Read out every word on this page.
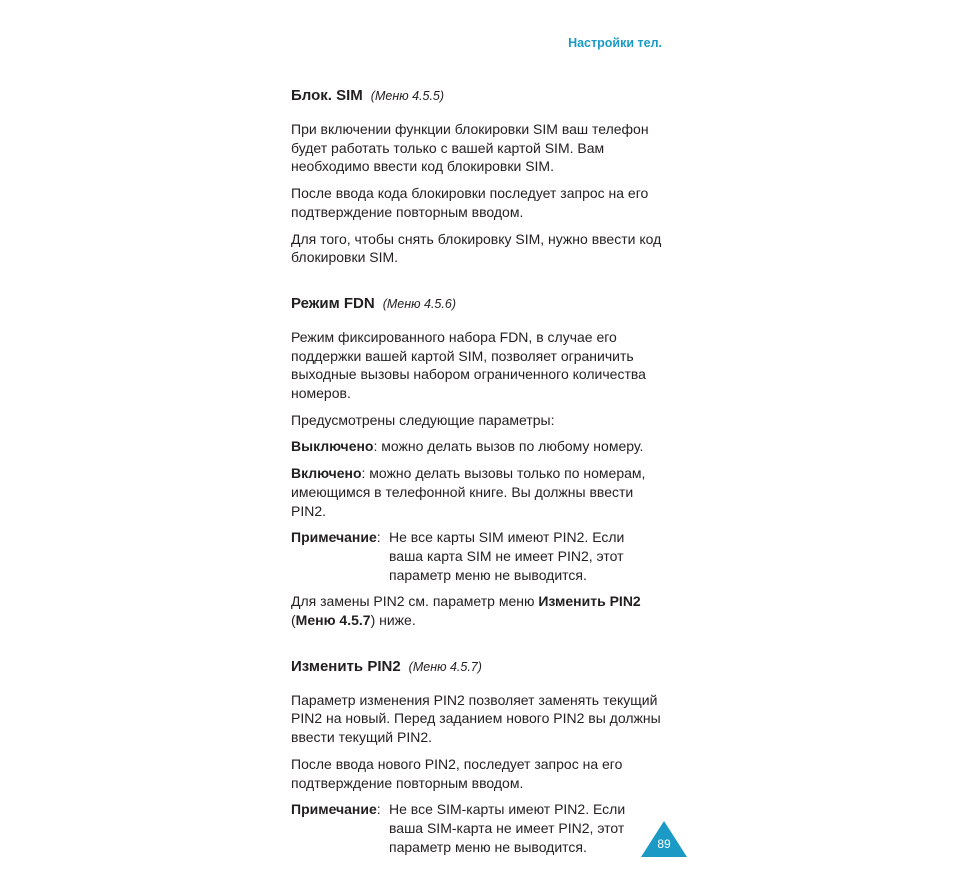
Настройки тел.
Блок. SIM (Меню 4.5.5)

При включении функции блокировки SIM ваш телефон будет работать только с вашей картой SIM. Вам необходимо ввести код блокировки SIM.

После ввода кода блокировки последует запрос на его подтверждение повторным вводом.

Для того, чтобы снять блокировку SIM, нужно ввести код блокировки SIM.

Режим FDN (Меню 4.5.6)

Режим фиксированного набора FDN, в случае его поддержки вашей картой SIM, позволяет ограничить выходные вызовы набором ограниченного количества номеров.

Предусмотрены следующие параметры:

Выключено: можно делать вызов по любому номеру.

Включено: можно делать вызовы только по номерам, имеющимся в телефонной книге. Вы должны ввести PIN2.

Примечание: Не все карты SIM имеют PIN2. Если ваша карта SIM не имеет PIN2, этот параметр меню не выводится.

Для замены PIN2 см. параметр меню Изменить PIN2 (Меню 4.5.7) ниже.

Изменить PIN2 (Меню 4.5.7)

Параметр изменения PIN2 позволяет заменять текущий PIN2 на новый. Перед заданием нового PIN2 вы должны ввести текущий PIN2.

После ввода нового PIN2, последует запрос на его подтверждение повторным вводом.

Примечание: Не все SIM-карты имеют PIN2. Если ваша SIM-карта не имеет PIN2, этот параметр меню не выводится.	89
